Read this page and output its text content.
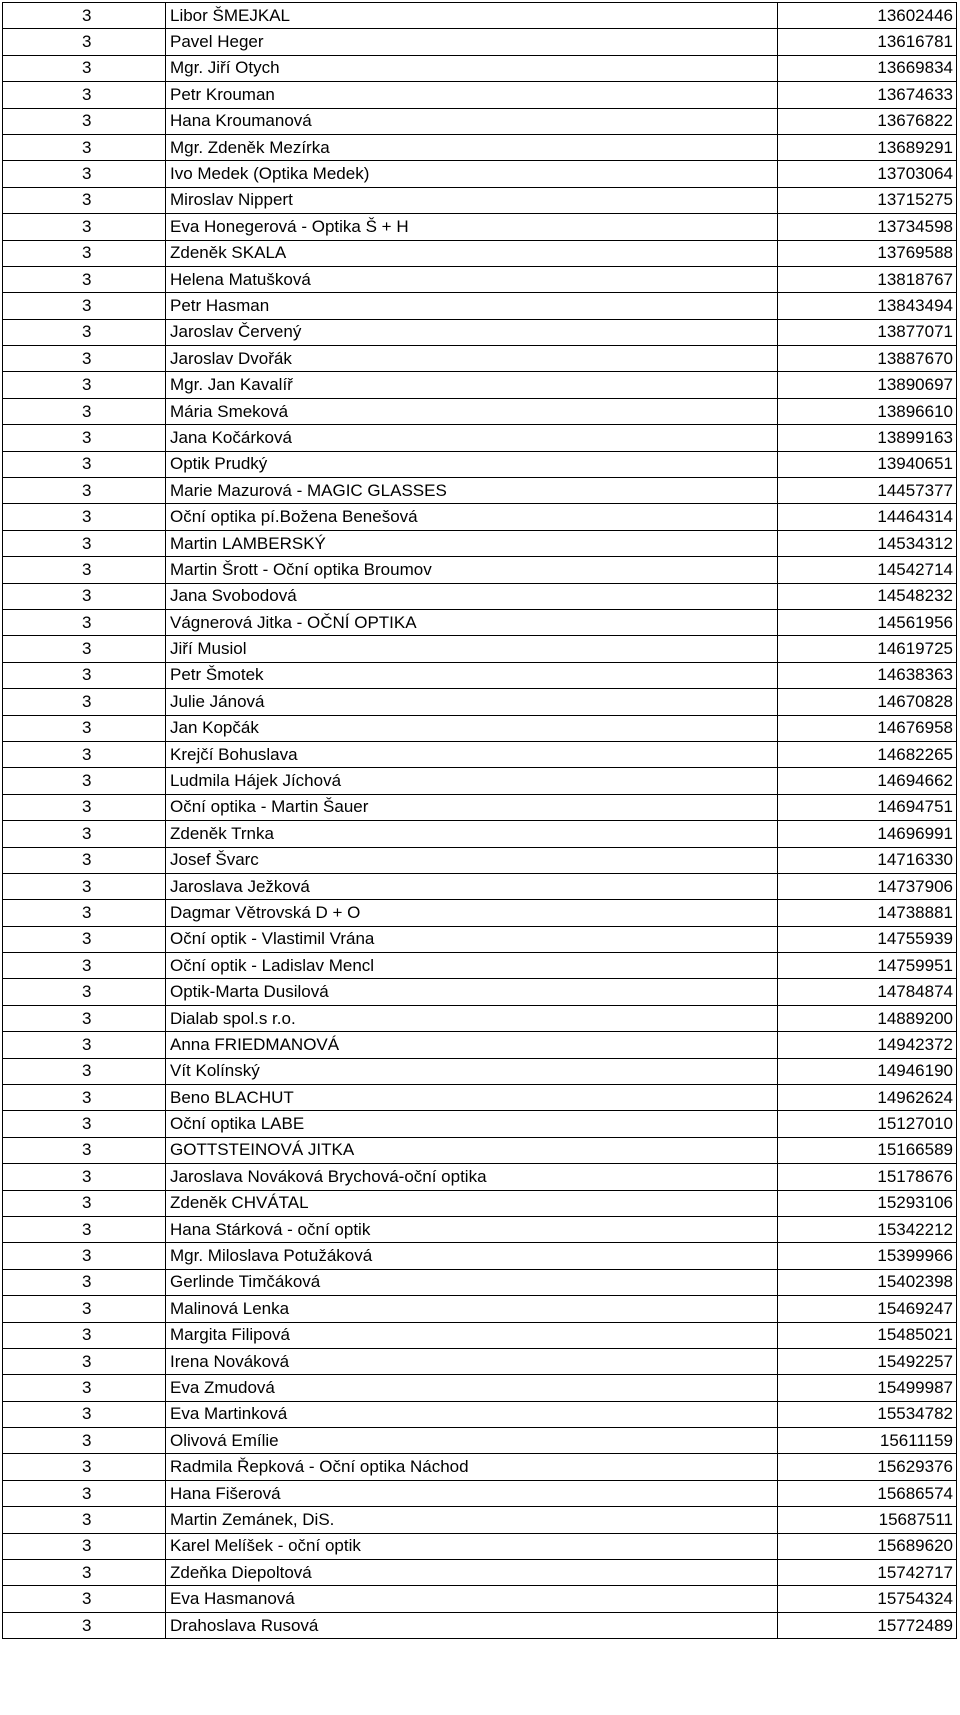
3	Libor ŠMEJKAL	13602446
3	Pavel Heger	13616781
3	Mgr. Jiří Otych	13669834
3	Petr Krouman	13674633
3	Hana Kroumanová	13676822
3	Mgr. Zdeněk Mezírka	13689291
3	Ivo Medek (Optika Medek)	13703064
3	Miroslav Nippert	13715275
3	Eva Honegerová - Optika Š + H	13734598
3	Zdeněk SKALA	13769588
3	Helena Matušková	13818767
3	Petr Hasman	13843494
3	Jaroslav Červený	13877071
3	Jaroslav Dvořák	13887670
3	Mgr. Jan Kavalíř	13890697
3	Mária Smeková	13896610
3	Jana Kočárková	13899163
3	Optik Prudký	13940651
3	Marie Mazurová - MAGIC GLASSES	14457377
3	Oční optika pí.Božena Benešová	14464314
3	Martin LAMBERSKÝ	14534312
3	Martin Šrott - Oční optika Broumov	14542714
3	Jana Svobodová	14548232
3	Vágnerová Jitka - OČNÍ OPTIKA	14561956
3	Jiří Musiol	14619725
3	Petr Šmotek	14638363
3	Julie Jánová	14670828
3	Jan Kopčák	14676958
3	Krejčí Bohuslava	14682265
3	Ludmila Hájek Jíchová	14694662
3	Oční optika - Martin Šauer	14694751
3	Zdeněk Trnka	14696991
3	Josef Švarc	14716330
3	Jaroslava Ježková	14737906
3	Dagmar Větrovská D + O	14738881
3	Oční optik - Vlastimil Vrána	14755939
3	Oční optik - Ladislav Mencl	14759951
3	Optik-Marta Dusilová	14784874
3	Dialab spol.s r.o.	14889200
3	Anna FRIEDMANOVÁ	14942372
3	Vít Kolínský	14946190
3	Beno BLACHUT	14962624
3	Oční optika LABE	15127010
3	GOTTSTEINOVÁ JITKA	15166589
3	Jaroslava Nováková Brychová-oční optika	15178676
3	Zdeněk CHVÁTAL	15293106
3	Hana Stárková - oční optik	15342212
3	Mgr. Miloslava Potužáková	15399966
3	Gerlinde Timčáková	15402398
3	Malinová Lenka	15469247
3	Margita Filipová	15485021
3	Irena Nováková	15492257
3	Eva Zmudová	15499987
3	Eva Martinková	15534782
3	Olivová Emílie	15611159
3	Radmila Řepková - Oční optika Náchod	15629376
3	Hana Fišerová	15686574
3	Martin Zemánek, DiS.	15687511
3	Karel Melíšek - oční optik	15689620
3	Zdeňka Diepoltová	15742717
3	Eva Hasmanová	15754324
3	Drahoslava Rusová	15772489
